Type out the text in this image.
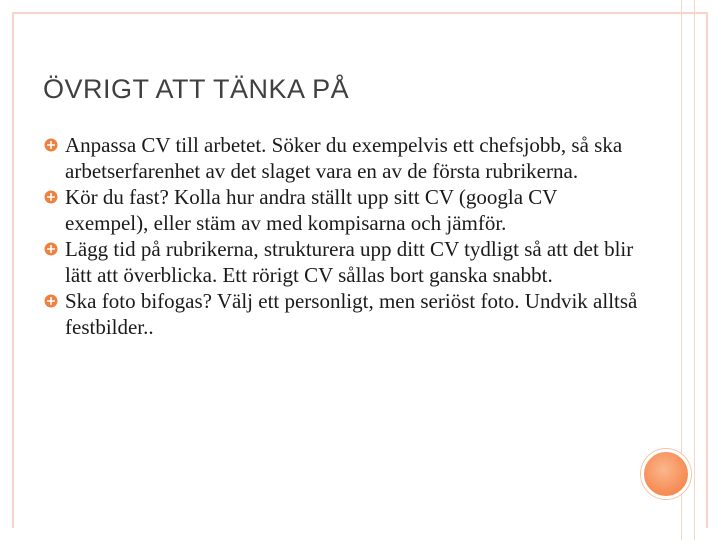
ÖVRIGT ATT TÄNKA PÅ
Anpassa CV till arbetet. Söker du exempelvis ett chefsjobb, så ska arbetserfarenhet av det slaget vara en av de första rubrikerna.
Kör du fast? Kolla hur andra ställt upp sitt CV (googla CV exempel), eller stäm av med kompisarna och jämför.
Lägg tid på rubrikerna, strukturera upp ditt CV tydligt så att det blir lätt att överblicka. Ett rörigt CV sållas bort ganska snabbt.
Ska foto bifogas? Välj ett personligt, men seriöst foto. Undvik alltså festbilder..
